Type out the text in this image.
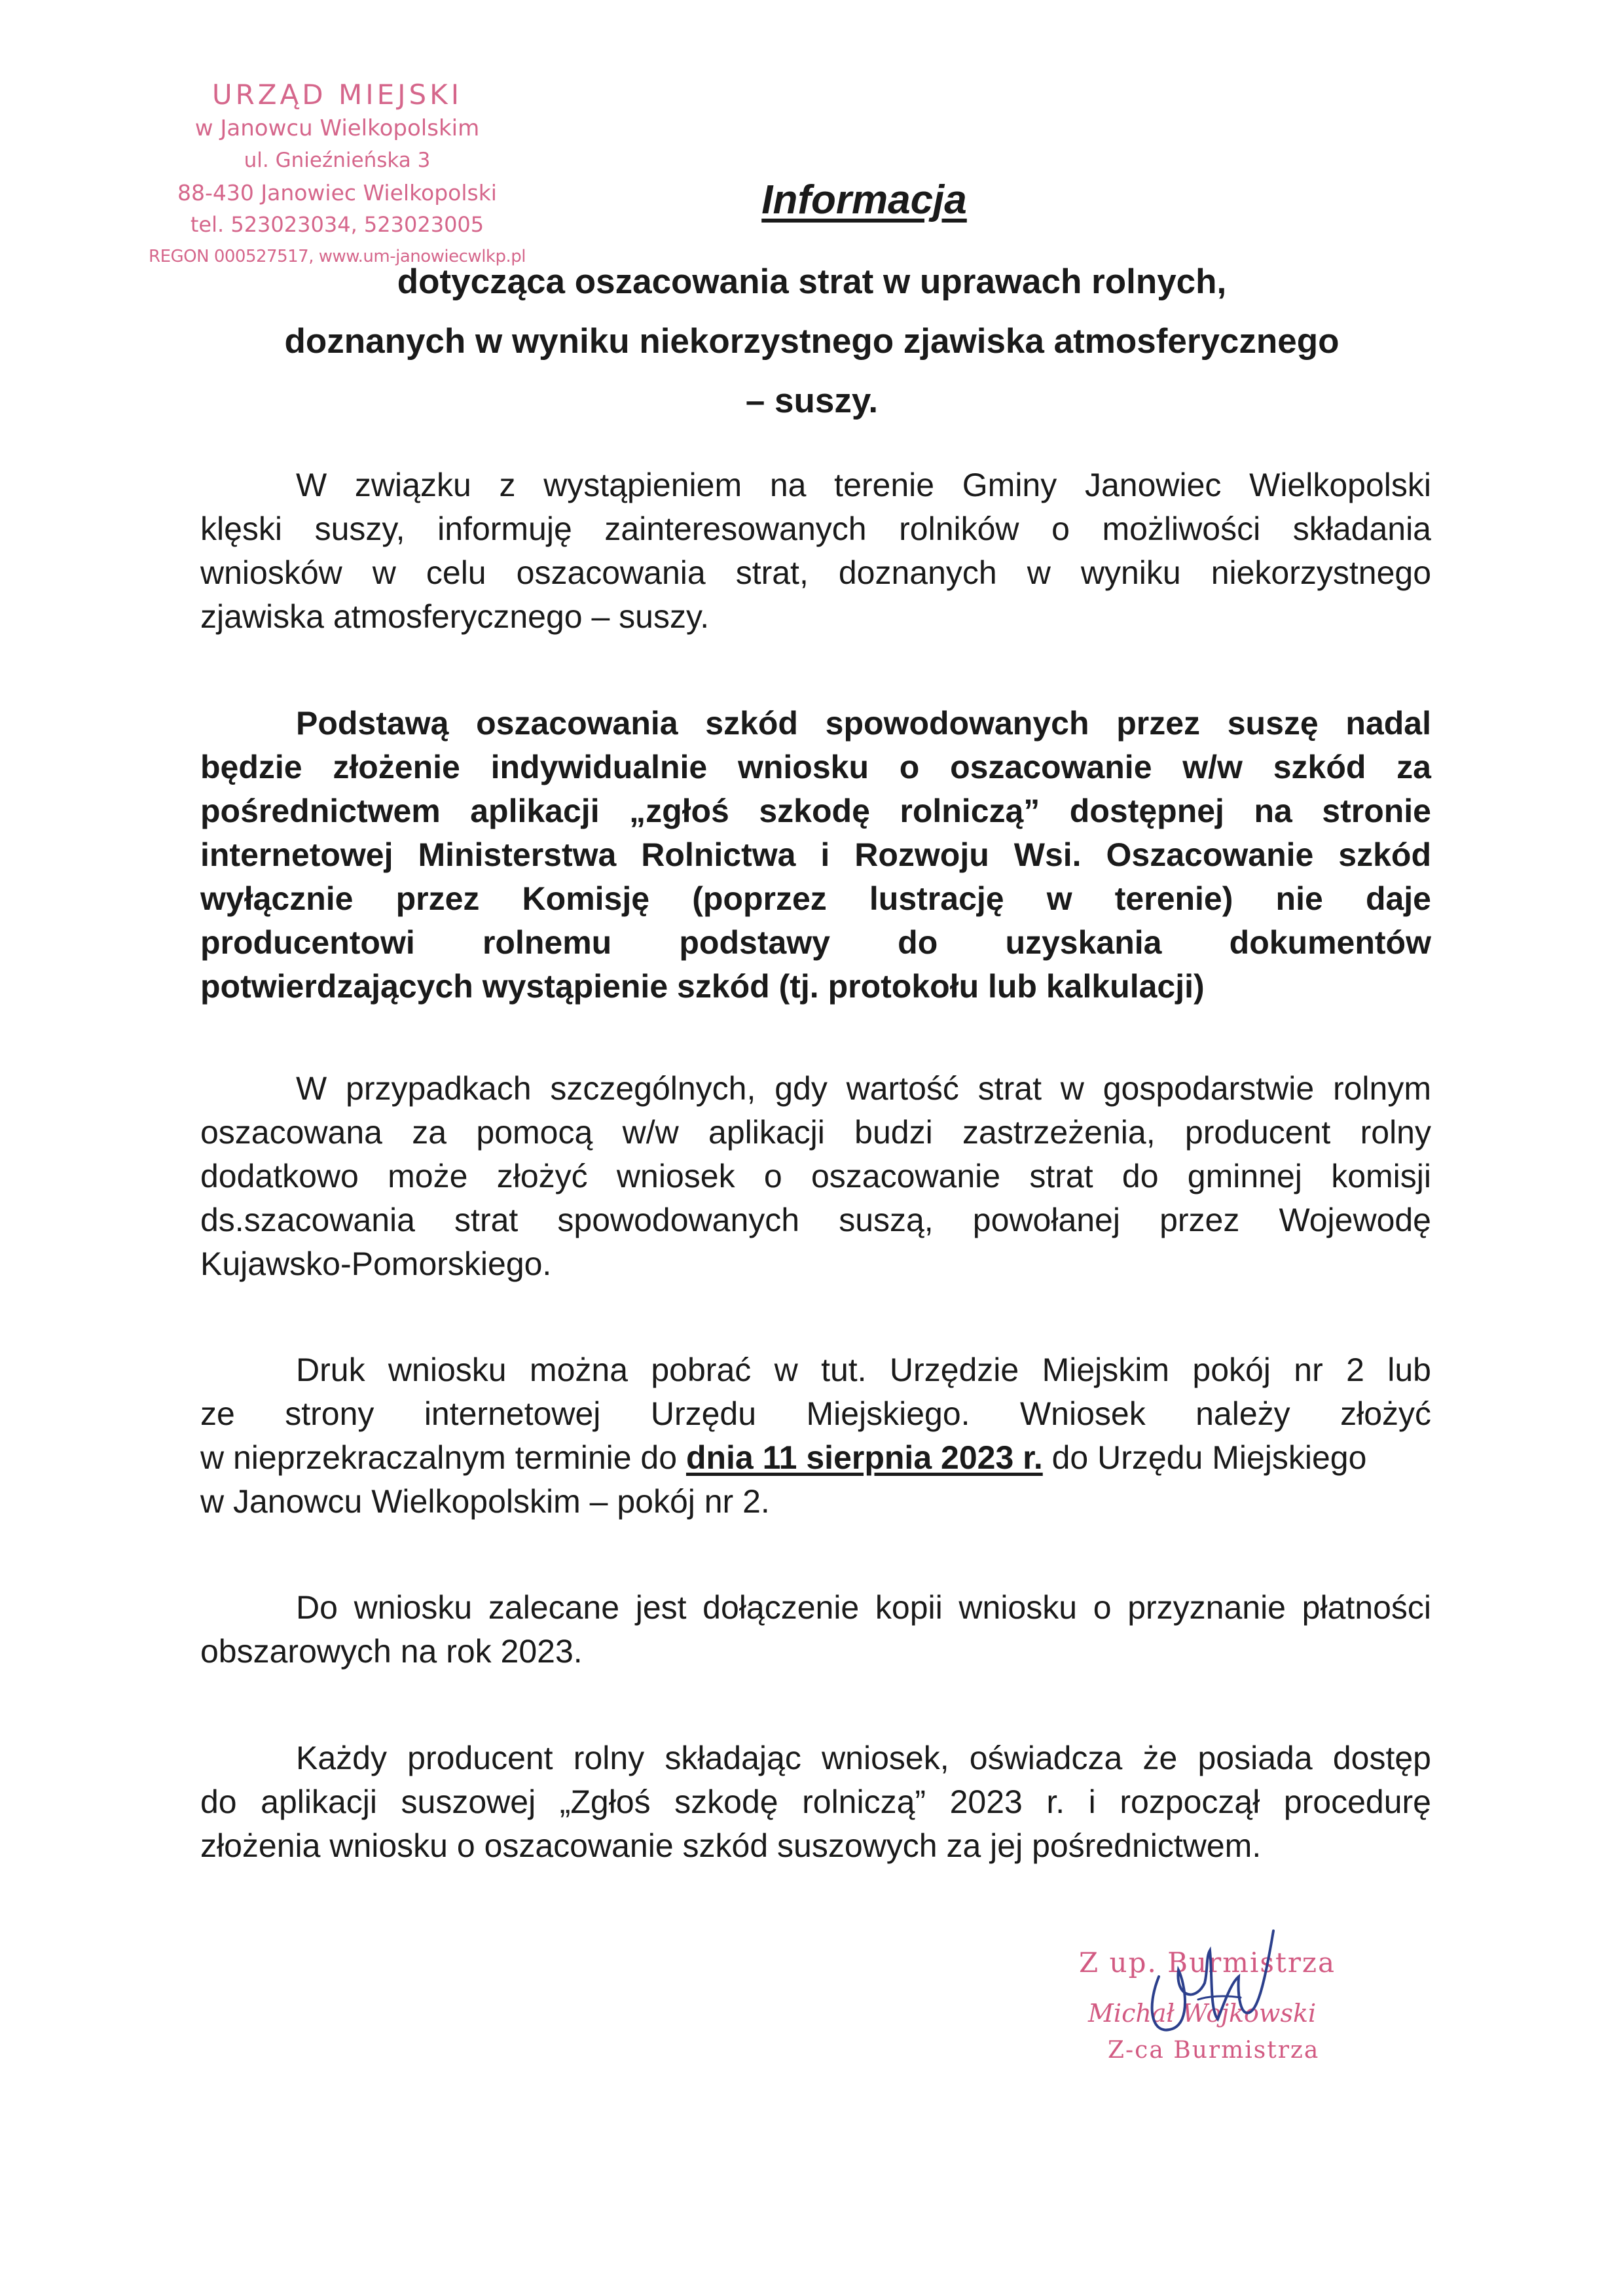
URZĄD MIEJSKI
w Janowcu Wielkopolskim
ul. Gnieźnieńska 3
88-430 Janowiec Wielkopolski
tel. 523023034, 523023005
REGON 000527517, www.um-janowiecwlkp.pl
Informacja
dotycząca oszacowania strat w uprawach rolnych,
doznanych w wyniku niekorzystnego zjawiska atmosferycznego
– suszy.
W związku z wystąpieniem na terenie Gminy Janowiec Wielkopolski
klęski suszy, informuję zainteresowanych rolników o możliwości składania
wniosków w celu oszacowania strat, doznanych w wyniku niekorzystnego
zjawiska atmosferycznego – suszy.
Podstawą oszacowania szkód spowodowanych przez suszę nadal
będzie złożenie indywidualnie wniosku o oszacowanie w/w szkód za
pośrednictwem aplikacji „zgłoś szkodę rolniczą” dostępnej na stronie
internetowej Ministerstwa Rolnictwa i Rozwoju Wsi. Oszacowanie szkód
wyłącznie przez Komisję (poprzez lustrację w terenie) nie daje
producentowi rolnemu podstawy do uzyskania dokumentów
potwierdzających wystąpienie szkód (tj. protokołu lub kalkulacji)
W przypadkach szczególnych, gdy wartość strat w gospodarstwie rolnym
oszacowana za pomocą w/w aplikacji budzi zastrzeżenia, producent rolny
dodatkowo może złożyć wniosek o oszacowanie strat do gminnej komisji
ds.szacowania strat spowodowanych suszą, powołanej przez Wojewodę
Kujawsko-Pomorskiego.
Druk wniosku można pobrać w tut. Urzędzie Miejskim pokój nr 2 lub
ze strony internetowej Urzędu Miejskiego. Wniosek należy złożyć
w nieprzekraczalnym terminie do dnia 11 sierpnia 2023 r. do Urzędu Miejskiego
w Janowcu Wielkopolskim – pokój nr 2.
Do wniosku zalecane jest dołączenie kopii wniosku o przyznanie płatności
obszarowych na rok 2023.
Każdy producent rolny składając wniosek, oświadcza że posiada dostęp
do aplikacji suszowej „Zgłoś szkodę rolniczą” 2023 r. i rozpoczął procedurę
złożenia wniosku o oszacowanie szkód suszowych za jej pośrednictwem.
Z up. Burmistrza
Michał Wojkowski
Z-ca Burmistrza
